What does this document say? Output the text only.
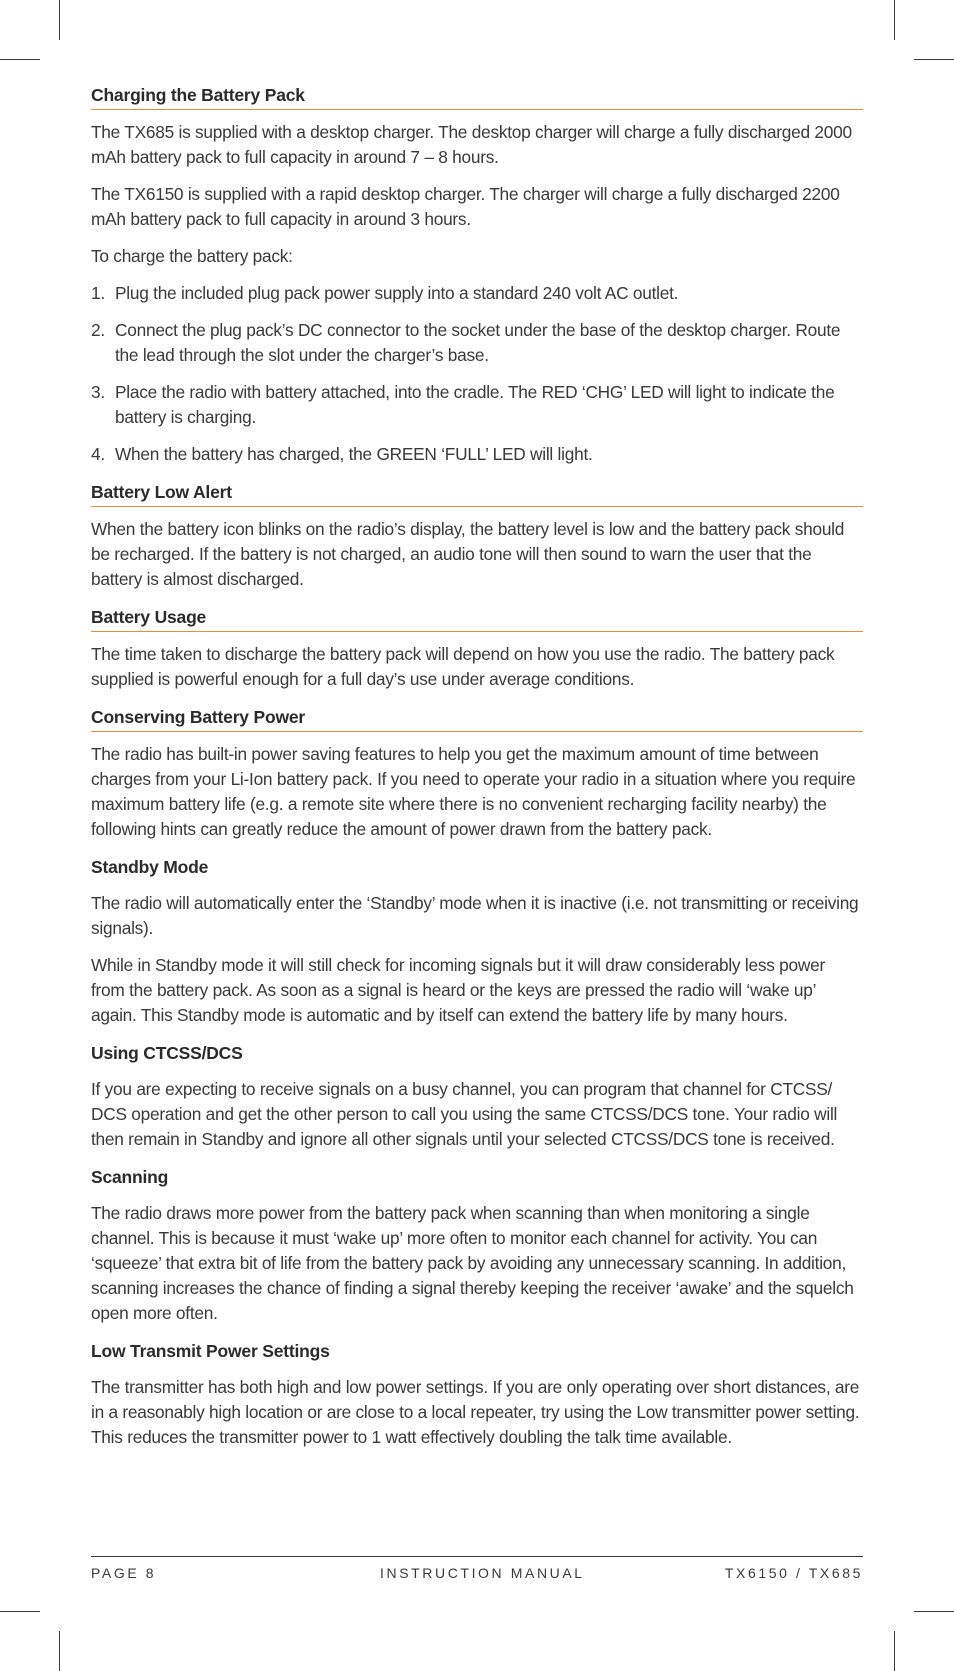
Charging the Battery Pack

The TX685 is supplied with a desktop charger. The desktop charger will charge a fully discharged 2000 mAh battery pack to full capacity in around 7 – 8 hours.

The TX6150 is supplied with a rapid desktop charger. The charger will charge a fully discharged 2200 mAh battery pack to full capacity in around 3 hours.

To charge the battery pack:

1. Plug the included plug pack power supply into a standard 240 volt AC outlet.
2. Connect the plug pack’s DC connector to the socket under the base of the desktop charger. Route the lead through the slot under the charger’s base.
3. Place the radio with battery attached, into the cradle. The RED ‘CHG’ LED will light to indicate the battery is charging.
4. When the battery has charged, the GREEN ‘FULL’ LED will light.
Battery Low Alert

When the battery icon blinks on the radio’s display, the battery level is low and the battery pack should be recharged. If the battery is not charged, an audio tone will then sound to warn the user that the battery is almost discharged.

Battery Usage

The time taken to discharge the battery pack will depend on how you use the radio. The battery pack supplied is powerful enough for a full day’s use under average conditions.

Conserving Battery Power

The radio has built-in power saving features to help you get the maximum amount of time between charges from your Li-Ion battery pack. If you need to operate your radio in a situation where you require maximum battery life (e.g. a remote site where there is no convenient recharging facility nearby) the following hints can greatly reduce the amount of power drawn from the battery pack.

Standby Mode

The radio will automatically enter the ‘Standby’ mode when it is inactive (i.e. not transmitting or receiving signals).

While in Standby mode it will still check for incoming signals but it will draw considerably less power from the battery pack. As soon as a signal is heard or the keys are pressed the radio will ‘wake up’ again. This Standby mode is automatic and by itself can extend the battery life by many hours.

Using CTCSS/DCS

If you are expecting to receive signals on a busy channel, you can program that channel for CTCSS/ DCS operation and get the other person to call you using the same CTCSS/DCS tone. Your radio will then remain in Standby and ignore all other signals until your selected CTCSS/DCS tone is received.

Scanning

The radio draws more power from the battery pack when scanning than when monitoring a single channel. This is because it must ‘wake up’ more often to monitor each channel for activity. You can ‘squeeze’ that extra bit of life from the battery pack by avoiding any unnecessary scanning. In addition, scanning increases the chance of finding a signal thereby keeping the receiver ‘awake’ and the squelch open more often.

Low Transmit Power Settings

The transmitter has both high and low power settings. If you are only operating over short distances, are in a reasonably high location or are close to a local repeater, try using the Low transmitter power setting. This reduces the transmitter power to 1 watt effectively doubling the talk time available.

PAGE 8	INSTRUCTION MANUAL	TX6150 / TX685
